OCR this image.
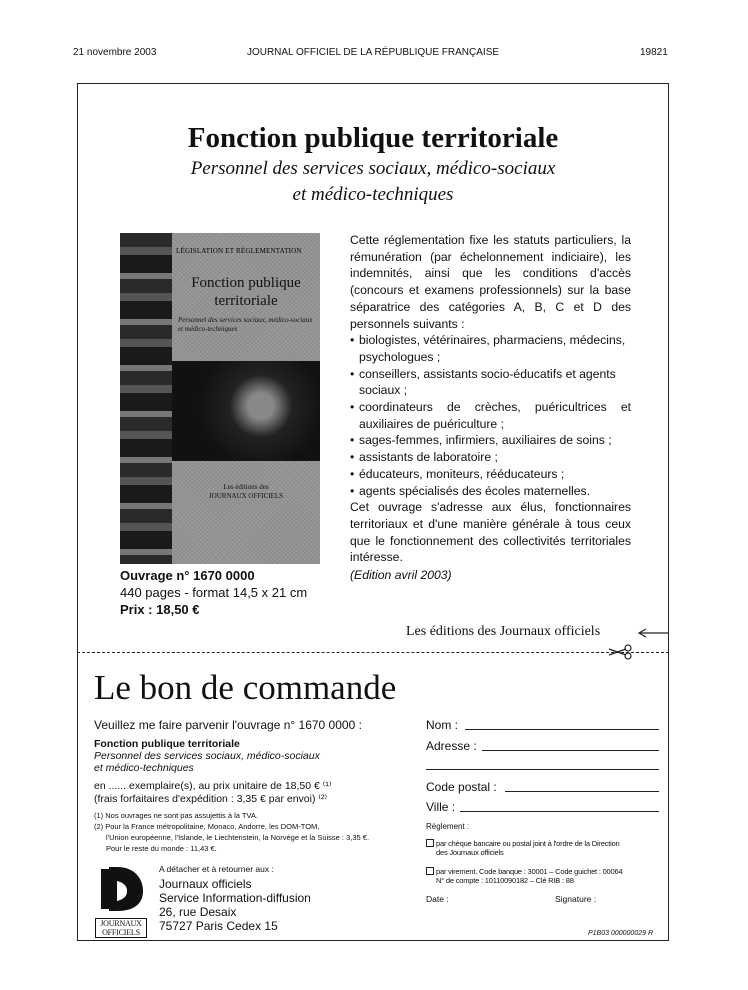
21 novembre 2003	JOURNAL OFFICIEL DE LA RÉPUBLIQUE FRANÇAISE	19821
Fonction publique territoriale
Personnel des services sociaux, médico-sociaux
et médico-techniques
LÉGISLATION ET RÉGLEMENTATION
Fonction publique
territoriale
Personnel des services sociaux, médico-sociaux et médico-techniques
Les éditions des
JOURNAUX OFFICIELS
Ouvrage n° 1670 0000
440 pages - format 14,5 x 21 cm
Prix : 18,50 €

Cette réglementation fixe les statuts particuliers, la rémunération (par échelonnement indiciaire), les indemnités, ainsi que les conditions d'accès (concours et examens professionnels) sur la base séparatrice des catégories A, B, C et D des personnels suivants :

• biologistes, vétérinaires, pharmaciens, médecins, psychologues ;
• conseillers, assistants socio-éducatifs et agents sociaux ;
• coordinateurs de crèches, puéricultrices et auxiliaires de puériculture ;
• sages-femmes, infirmiers, auxiliaires de soins ;
• assistants de laboratoire ;
• éducateurs, moniteurs, rééducateurs ;
• agents spécialisés des écoles maternelles.

Cet ouvrage s'adresse aux élus, fonctionnaires territoriaux et d'une manière générale à tous ceux que le fonctionnement des collectivités territoriales intéresse.

(Edition avril 2003)

Les éditions des Journaux officiels
Le bon de commande
Veuillez me faire parvenir l'ouvrage n° 1670 0000 :
Fonction publique territoriale
Personnel des services sociaux, médico-sociaux
et médico-techniques
en ...... exemplaire(s), au prix unitaire de 18,50 € ⁽¹⁾
(frais forfaitaires d'expédition : 3,35 € par envoi) ⁽²⁾
(1) Nos ouvrages ne sont pas assujettis à la TVA.
(2) Pour la France métropolitaine, Monaco, Andorre, les DOM-TOM,
l'Union européenne, l'Islande, le Liechtenstein, la Norvège et la Suisse : 3,35 €.
Pour le reste du monde : 11,43 €.
JOURNAUX
OFFICIELS
A détacher et à retourner aux :
Journaux officiels
Service Information-diffusion
26, rue Desaix
75727 Paris Cedex 15
Nom :
Adresse :
Code postal :
Ville :
Règlement :
par chèque bancaire ou postal joint à l'ordre de la Direction
des Journaux officiels
par virement. Code banque : 30001 – Code guichet : 00064
N° de compte : 10110090182 – Clé RIB : 88
Date :	Signature :
P1B03 000000029 R
